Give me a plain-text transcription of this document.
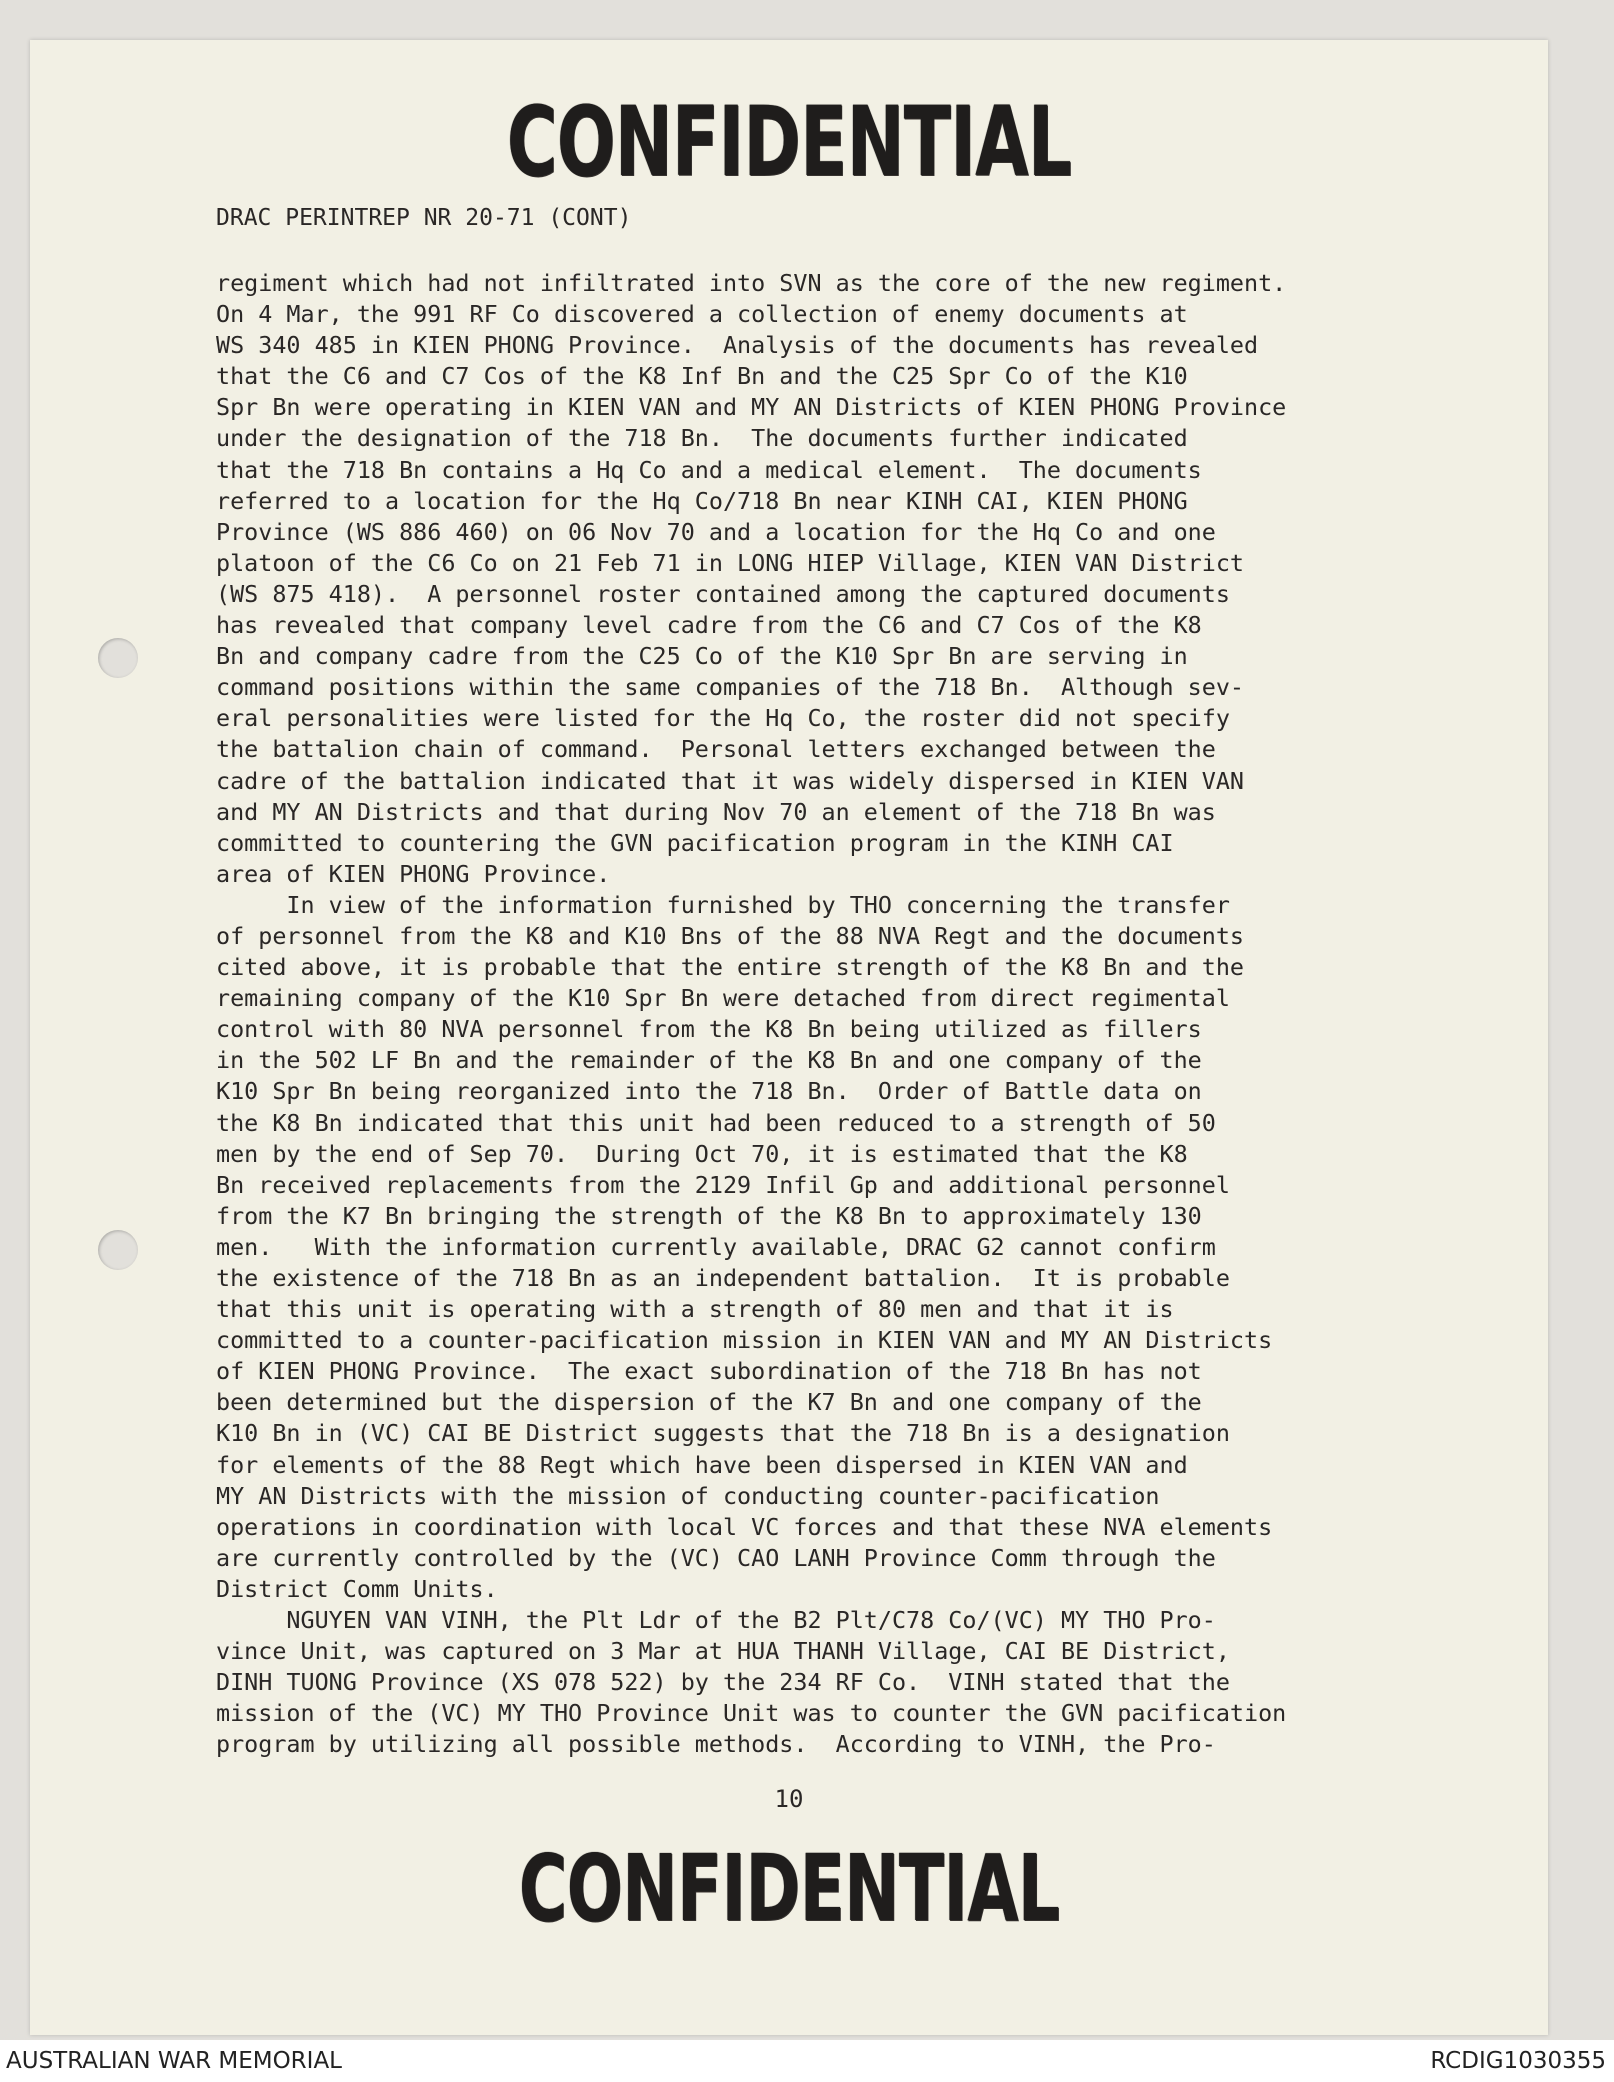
CONFIDENTIAL

DRAC PERINTREP NR 20-71 (CONT)

regiment which had not infiltrated into SVN as the core of the new regiment.
On 4 Mar, the 991 RF Co discovered a collection of enemy documents at
WS 340 485 in KIEN PHONG Province.  Analysis of the documents has revealed
that the C6 and C7 Cos of the K8 Inf Bn and the C25 Spr Co of the K10
Spr Bn were operating in KIEN VAN and MY AN Districts of KIEN PHONG Province
under the designation of the 718 Bn.  The documents further indicated
that the 718 Bn contains a Hq Co and a medical element.  The documents
referred to a location for the Hq Co/718 Bn near KINH CAI, KIEN PHONG
Province (WS 886 460) on 06 Nov 70 and a location for the Hq Co and one
platoon of the C6 Co on 21 Feb 71 in LONG HIEP Village, KIEN VAN District
(WS 875 418).  A personnel roster contained among the captured documents
has revealed that company level cadre from the C6 and C7 Cos of the K8
Bn and company cadre from the C25 Co of the K10 Spr Bn are serving in
command positions within the same companies of the 718 Bn.  Although sev-
eral personalities were listed for the Hq Co, the roster did not specify
the battalion chain of command.  Personal letters exchanged between the
cadre of the battalion indicated that it was widely dispersed in KIEN VAN
and MY AN Districts and that during Nov 70 an element of the 718 Bn was
committed to countering the GVN pacification program in the KINH CAI
area of KIEN PHONG Province.
In view of the information furnished by THO concerning the transfer
of personnel from the K8 and K10 Bns of the 88 NVA Regt and the documents
cited above, it is probable that the entire strength of the K8 Bn and the
remaining company of the K10 Spr Bn were detached from direct regimental
control with 80 NVA personnel from the K8 Bn being utilized as fillers
in the 502 LF Bn and the remainder of the K8 Bn and one company of the
K10 Spr Bn being reorganized into the 718 Bn.  Order of Battle data on
the K8 Bn indicated that this unit had been reduced to a strength of 50
men by the end of Sep 70.  During Oct 70, it is estimated that the K8
Bn received replacements from the 2129 Infil Gp and additional personnel
from the K7 Bn bringing the strength of the K8 Bn to approximately 130
men.   With the information currently available, DRAC G2 cannot confirm
the existence of the 718 Bn as an independent battalion.  It is probable
that this unit is operating with a strength of 80 men and that it is
committed to a counter-pacification mission in KIEN VAN and MY AN Districts
of KIEN PHONG Province.  The exact subordination of the 718 Bn has not
been determined but the dispersion of the K7 Bn and one company of the
K10 Bn in (VC) CAI BE District suggests that the 718 Bn is a designation
for elements of the 88 Regt which have been dispersed in KIEN VAN and
MY AN Districts with the mission of conducting counter-pacification
operations in coordination with local VC forces and that these NVA elements
are currently controlled by the (VC) CAO LANH Province Comm through the
District Comm Units.
NGUYEN VAN VINH, the Plt Ldr of the B2 Plt/C78 Co/(VC) MY THO Pro-
vince Unit, was captured on 3 Mar at HUA THANH Village, CAI BE District,
DINH TUONG Province (XS 078 522) by the 234 RF Co.  VINH stated that the
mission of the (VC) MY THO Province Unit was to counter the GVN pacification
program by utilizing all possible methods.  According to VINH, the Pro-
10
CONFIDENTIAL
AUSTRALIAN WAR MEMORIAL	RCDIG1030355
